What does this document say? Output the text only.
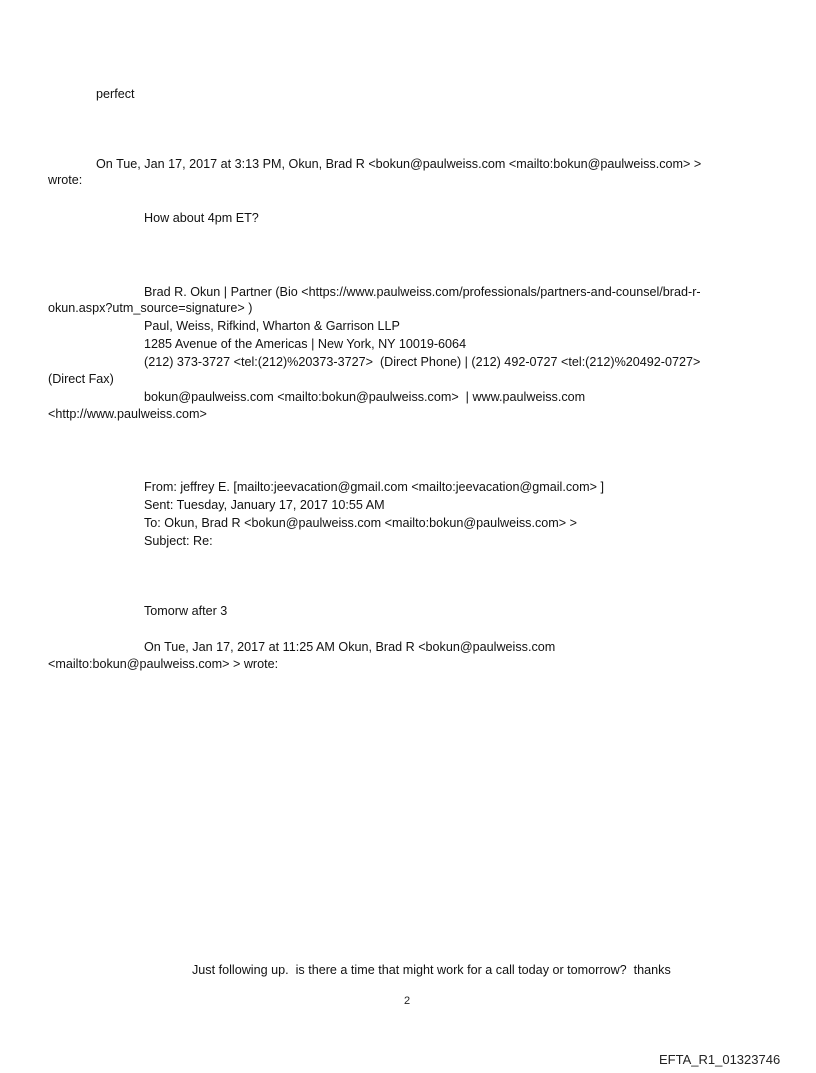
perfect
On Tue, Jan 17, 2017 at 3:13 PM, Okun, Brad R <bokun@paulweiss.com <mailto:bokun@paulweiss.com> >
wrote:
How about 4pm ET?
Brad R. Okun | Partner (Bio <https://www.paulweiss.com/professionals/partners-and-counsel/brad-r-
okun.aspx?utm_source=signature> )
Paul, Weiss, Rifkind, Wharton & Garrison LLP
1285 Avenue of the Americas | New York, NY 10019-6064
(212) 373-3727 <tel:(212)%20373-3727>  (Direct Phone) | (212) 492-0727 <tel:(212)%20492-0727>
(Direct Fax)
bokun@paulweiss.com <mailto:bokun@paulweiss.com>  | www.paulweiss.com
<http://www.paulweiss.com>
From: jeffrey E. [mailto:jeevacation@gmail.com <mailto:jeevacation@gmail.com> ]
Sent: Tuesday, January 17, 2017 10:55 AM
To: Okun, Brad R <bokun@paulweiss.com <mailto:bokun@paulweiss.com> >
Subject: Re:
Tomorw after 3
On Tue, Jan 17, 2017 at 11:25 AM Okun, Brad R <bokun@paulweiss.com
<mailto:bokun@paulweiss.com> > wrote:
Just following up.  is there a time that might work for a call today or tomorrow?  thanks
2
EFTA_R1_01323746
